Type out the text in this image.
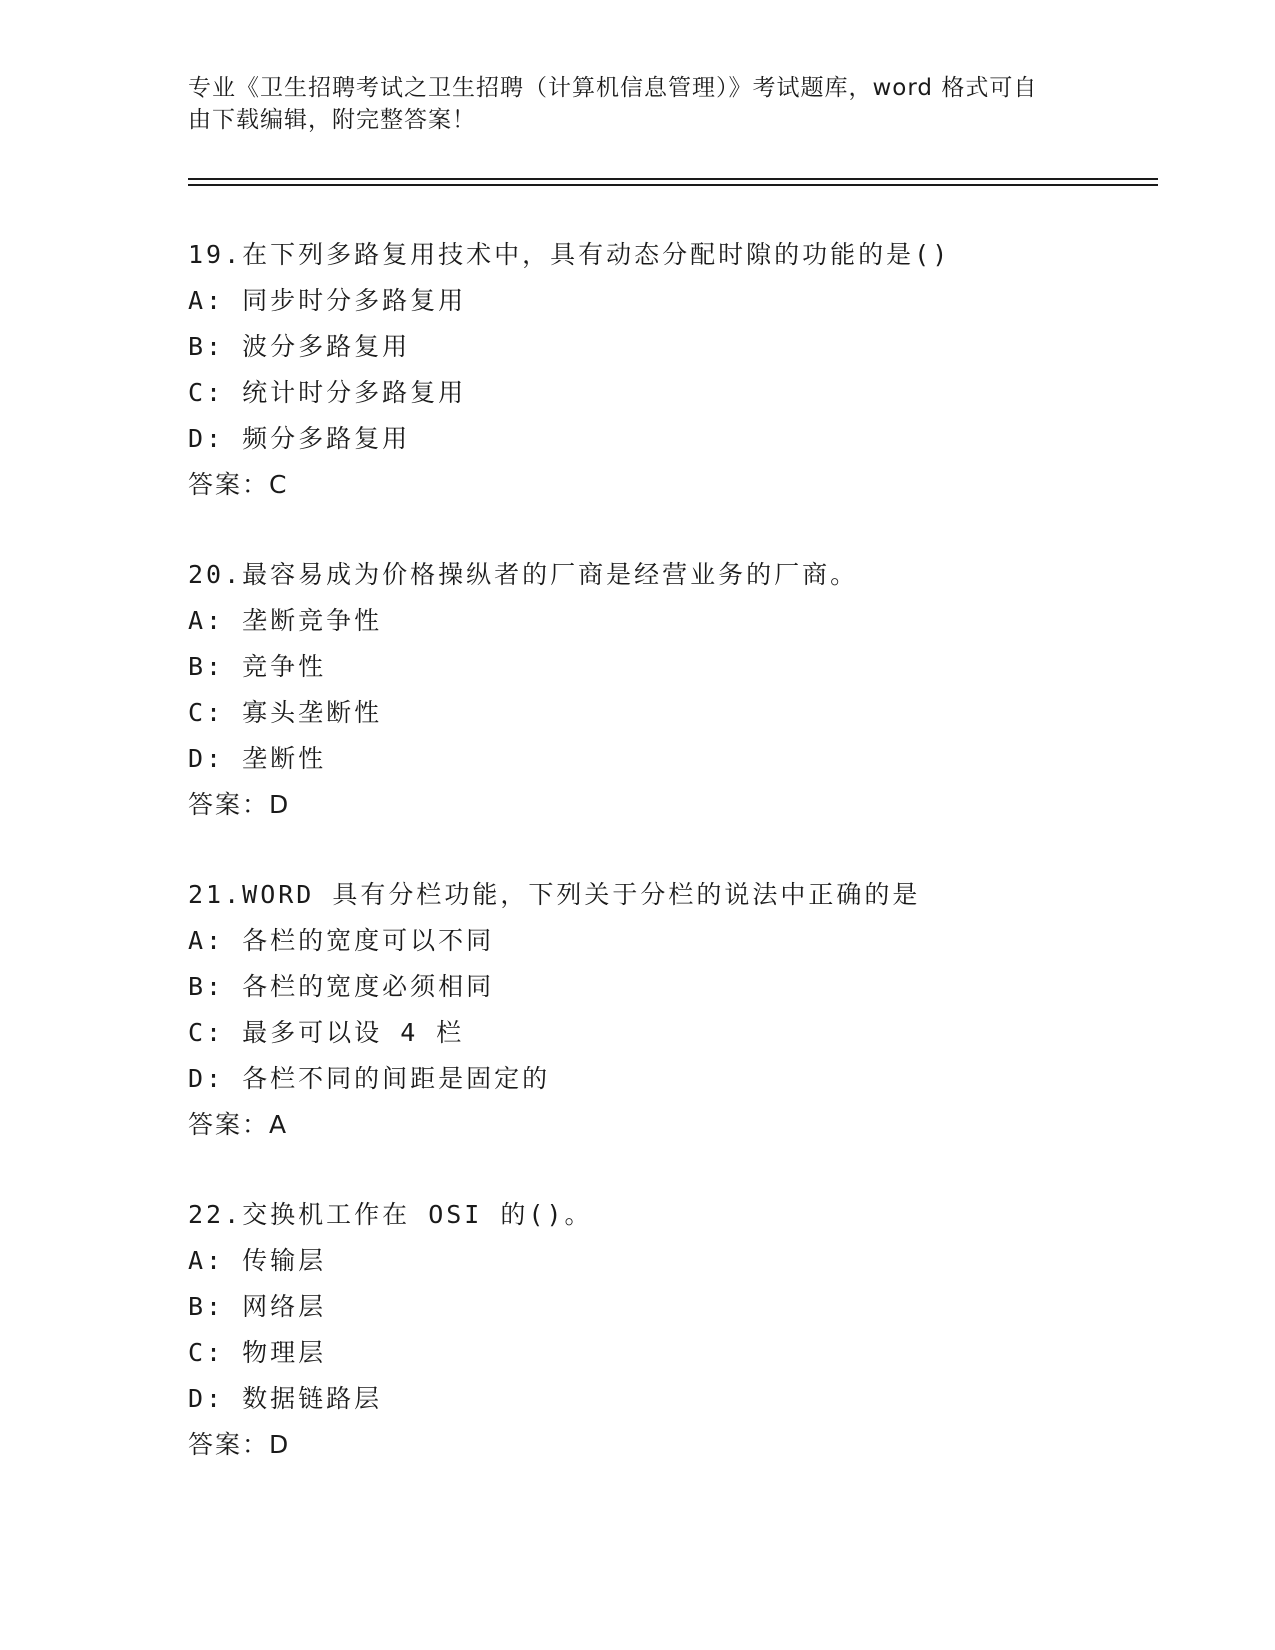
专业《卫生招聘考试之卫生招聘（计算机信息管理）》考试题库，word 格式可自
由下载编辑，附完整答案！
19.在下列多路复用技术中，具有动态分配时隙的功能的是()
A: 同步时分多路复用
B: 波分多路复用
C: 统计时分多路复用
D: 频分多路复用
答案：C
20.最容易成为价格操纵者的厂商是经营业务的厂商。
A: 垄断竞争性
B: 竞争性
C: 寡头垄断性
D: 垄断性
答案：D
21.WORD 具有分栏功能，下列关于分栏的说法中正确的是
A: 各栏的宽度可以不同
B: 各栏的宽度必须相同
C: 最多可以设 4 栏
D: 各栏不同的间距是固定的
答案：A
22.交换机工作在 OSI 的()。
A: 传输层
B: 网络层
C: 物理层
D: 数据链路层
答案：D
